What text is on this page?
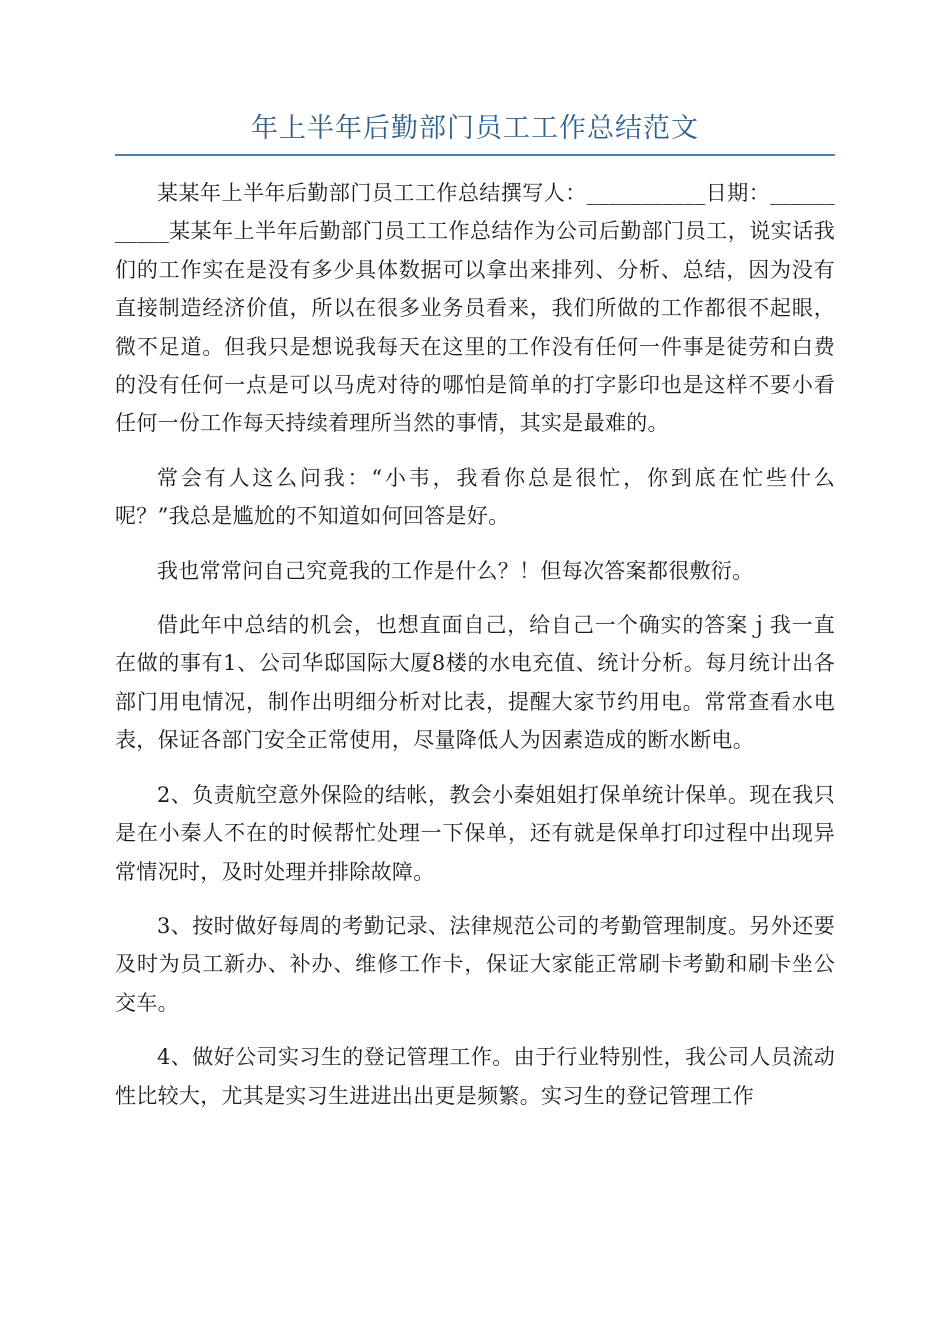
年上半年后勤部门员工工作总结范文

某某年上半年后勤部门员工工作总结撰写人：___________日期：___________某某年上半年后勤部门员工工作总结作为公司后勤部门员工，说实话我们的工作实在是没有多少具体数据可以拿出来排列、分析、总结，因为没有直接制造经济价值，所以在很多业务员看来，我们所做的工作都很不起眼，微不足道。但我只是想说我每天在这里的工作没有任何一件事是徒劳和白费的没有任何一点是可以马虎对待的哪怕是简单的打字影印也是这样不要小看任何一份工作每天持续着理所当然的事情，其实是最难的。

常会有人这么问我：“小韦，我看你总是很忙，你到底在忙些什么呢？”我总是尴尬的不知道如何回答是好。

我也常常问自己究竟我的工作是什么？！但每次答案都很敷衍。

借此年中总结的机会，也想直面自己，给自己一个确实的答案ｊ我一直在做的事有1、公司华邸国际大厦8楼的水电充值、统计分析。每月统计出各部门用电情况，制作出明细分析对比表，提醒大家节约用电。常常查看水电表，保证各部门安全正常使用，尽量降低人为因素造成的断水断电。

2、负责航空意外保险的结帐，教会小秦姐姐打保单统计保单。现在我只是在小秦人不在的时候帮忙处理一下保单，还有就是保单打印过程中出现异常情况时，及时处理并排除故障。

3、按时做好每周的考勤记录、法律规范公司的考勤管理制度。另外还要及时为员工新办、补办、维修工作卡，保证大家能正常刷卡考勤和刷卡坐公交车。

4、做好公司实习生的登记管理工作。由于行业特别性，我公司人员流动性比较大，尤其是实习生进进出出更是频繁。实习生的登记管理工作
